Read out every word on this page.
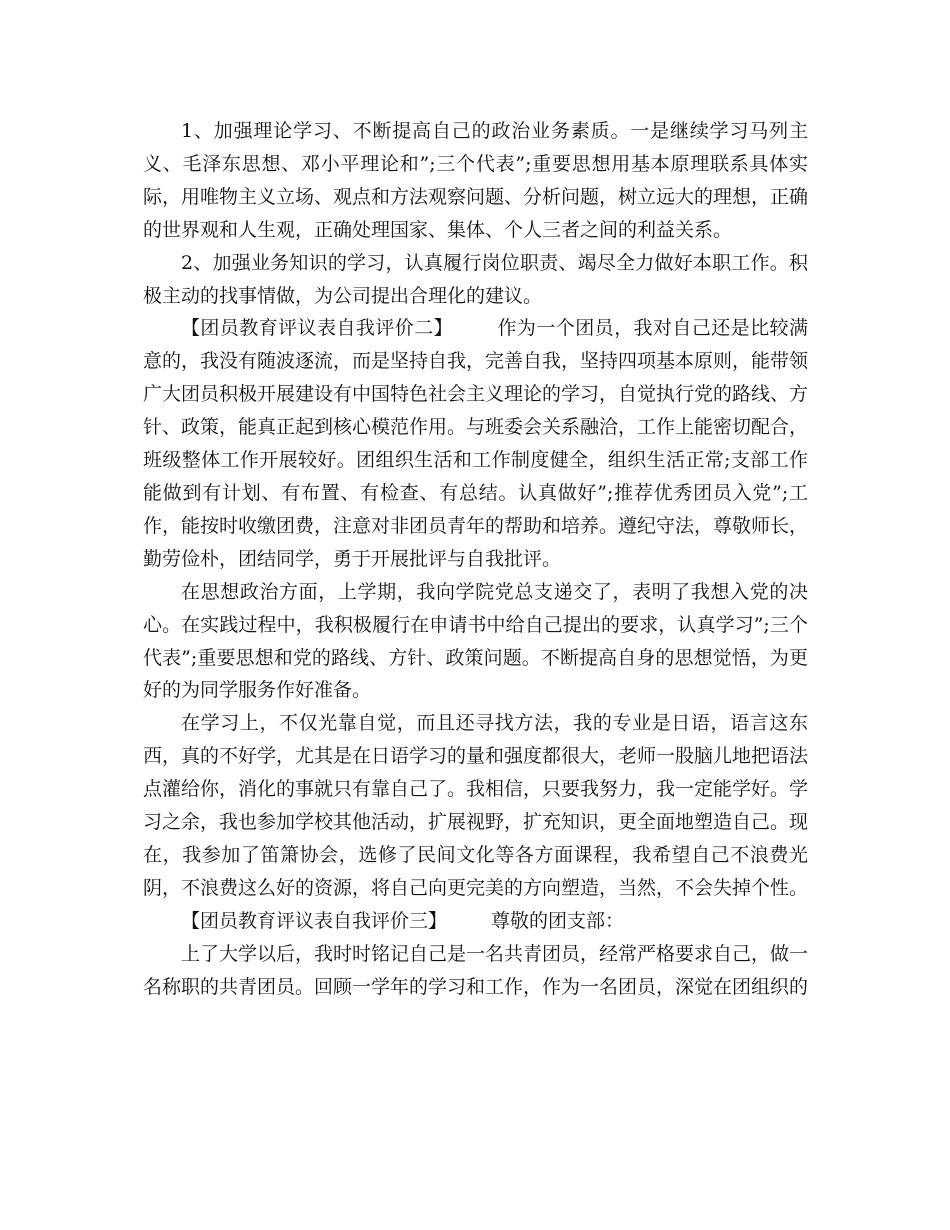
1、加强理论学习、不断提高自己的政治业务素质。一是继续学习马列主义、毛泽东思想、邓小平理论和”;三个代表”;重要思想用基本原理联系具体实际，用唯物主义立场、观点和方法观察问题、分析问题，树立远大的理想，正确的世界观和人生观，正确处理国家、集体、个人三者之间的利益关系。

2、加强业务知识的学习，认真履行岗位职责、竭尽全力做好本职工作。积极主动的找事情做，为公司提出合理化的建议。

【团员教育评议表自我评价二】 作为一个团员，我对自己还是比较满意的，我没有随波逐流，而是坚持自我，完善自我，坚持四项基本原则，能带领广大团员积极开展建设有中国特色社会主义理论的学习，自觉执行党的路线、方针、政策，能真正起到核心模范作用。与班委会关系融洽，工作上能密切配合，班级整体工作开展较好。团组织生活和工作制度健全，组织生活正常;支部工作能做到有计划、有布置、有检查、有总结。认真做好”;推荐优秀团员入党”;工作，能按时收缴团费，注意对非团员青年的帮助和培养。遵纪守法，尊敬师长，勤劳俭朴，团结同学，勇于开展批评与自我批评。

在思想政治方面，上学期，我向学院党总支递交了，表明了我想入党的决心。在实践过程中，我积极履行在申请书中给自己提出的要求，认真学习”;三个代表”;重要思想和党的路线、方针、政策问题。不断提高自身的思想觉悟，为更好的为同学服务作好准备。

在学习上，不仅光靠自觉，而且还寻找方法，我的专业是日语，语言这东西，真的不好学，尤其是在日语学习的量和强度都很大，老师一股脑儿地把语法点灌给你，消化的事就只有靠自己了。我相信，只要我努力，我一定能学好。学习之余，我也参加学校其他活动，扩展视野，扩充知识，更全面地塑造自己。现在，我参加了笛箫协会，选修了民间文化等各方面课程，我希望自己不浪费光阴，不浪费这么好的资源，将自己向更完美的方向塑造，当然，不会失掉个性。

【团员教育评议表自我评价三】 尊敬的团支部：

上了大学以后，我时时铭记自己是一名共青团员，经常严格要求自己，做一名称职的共青团员。回顾一学年的学习和工作，作为一名团员，深觉在团组织的
